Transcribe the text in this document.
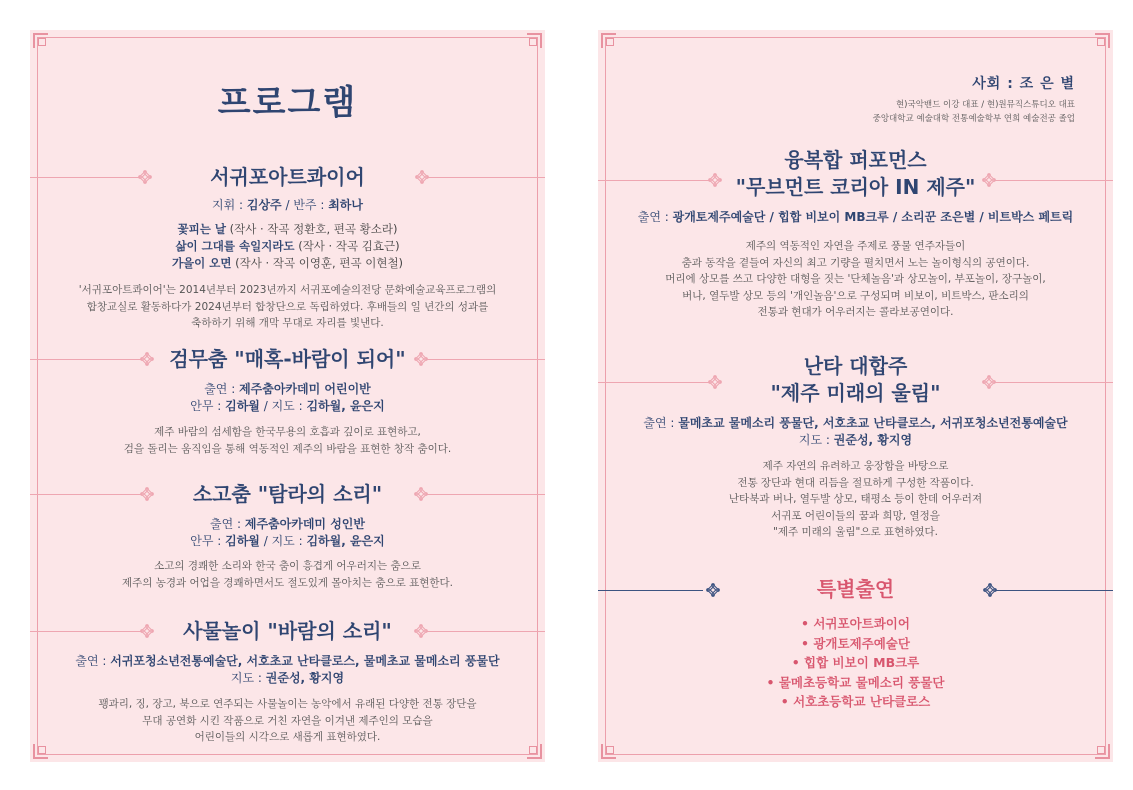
프로그램
서귀포아트콰이어
지휘 : 김상주 / 반주 : 최하나
꽃피는 날 (작사 · 작곡 정환호, 편곡 황소라)
삶이 그대를 속일지라도 (작사 · 작곡 김효근)
가을이 오면 (작사 · 작곡 이영훈, 편곡 이현철)
'서귀포아트콰이어'는 2014년부터 2023년까지 서귀포예술의전당 문화예술교육프로그램의
합창교실로 활동하다가 2024년부터 합창단으로 독립하였다. 후배들의 일 년간의 성과를
축하하기 위해 개막 무대로 자리를 빛낸다.
검무춤 "매혹-바람이 되어"
출연 : 제주춤아카데미 어린이반
안무 : 김하월 / 지도 : 김하월, 윤은지
제주 바람의 섬세함을 한국무용의 호흡과 깊이로 표현하고,
검을 돌리는 움직임을 통해 역동적인 제주의 바람을 표현한 창작 춤이다.
소고춤 "탐라의 소리"
출연 : 제주춤아카데미 성인반
안무 : 김하월 / 지도 : 김하월, 윤은지
소고의 경쾌한 소리와 한국 춤이 흥겹게 어우러지는 춤으로
제주의 농경과 어업을 경쾌하면서도 절도있게 몰아치는 춤으로 표현한다.
사물놀이 "바람의 소리"
출연 : 서귀포청소년전통예술단, 서호초교 난타클로스, 물메초교 물메소리 풍물단
지도 : 권준성, 황지영
꽹과리, 징, 장고, 북으로 연주되는 사물놀이는 농악에서 유래된 다양한 전통 장단을
무대 공연화 시킨 작품으로 거친 자연을 이겨낸 제주인의 모습을
어린이들의 시각으로 새롭게 표현하였다.
사회 : 조 은 별
현)국악밴드 이강 대표 / 현)원뮤직스튜디오 대표
중앙대학교 예술대학 전통예술학부 연희 예술전공 졸업
융복합 퍼포먼스
"무브먼트 코리아 IN 제주"
출연 : 광개토제주예술단 / 힙합 비보이 MB크루 / 소리꾼 조은별 / 비트박스 페트릭
제주의 역동적인 자연을 주제로 풍물 연주자들이
춤과 동작을 곁들여 자신의 최고 기량을 펼치면서 노는 놀이형식의 공연이다.
머리에 상모를 쓰고 다양한 대형을 짓는 '단체놀음'과 상모놀이, 부포놀이, 장구놀이,
버나, 열두발 상모 등의 '개인놀음'으로 구성되며 비보이, 비트박스, 판소리의
전통과 현대가 어우러지는 콜라보공연이다.
난타 대합주
"제주 미래의 울림"
출연 : 물메초교 물메소리 풍물단, 서호초교 난타클로스, 서귀포청소년전통예술단
지도 : 권준성, 황지영
제주 자연의 유려하고 웅장함을 바탕으로
전통 장단과 현대 리듬을 절묘하게 구성한 작품이다.
난타북과 버나, 열두발 상모, 태평소 등이 한데 어우러져
서귀포 어린이들의 꿈과 희망, 열정을
"제주 미래의 울림"으로 표현하였다.
특별출연
• 서귀포아트콰이어
• 광개토제주예술단
• 힙합 비보이 MB크루
• 물메초등학교 물메소리 풍물단
• 서호초등학교 난타클로스
